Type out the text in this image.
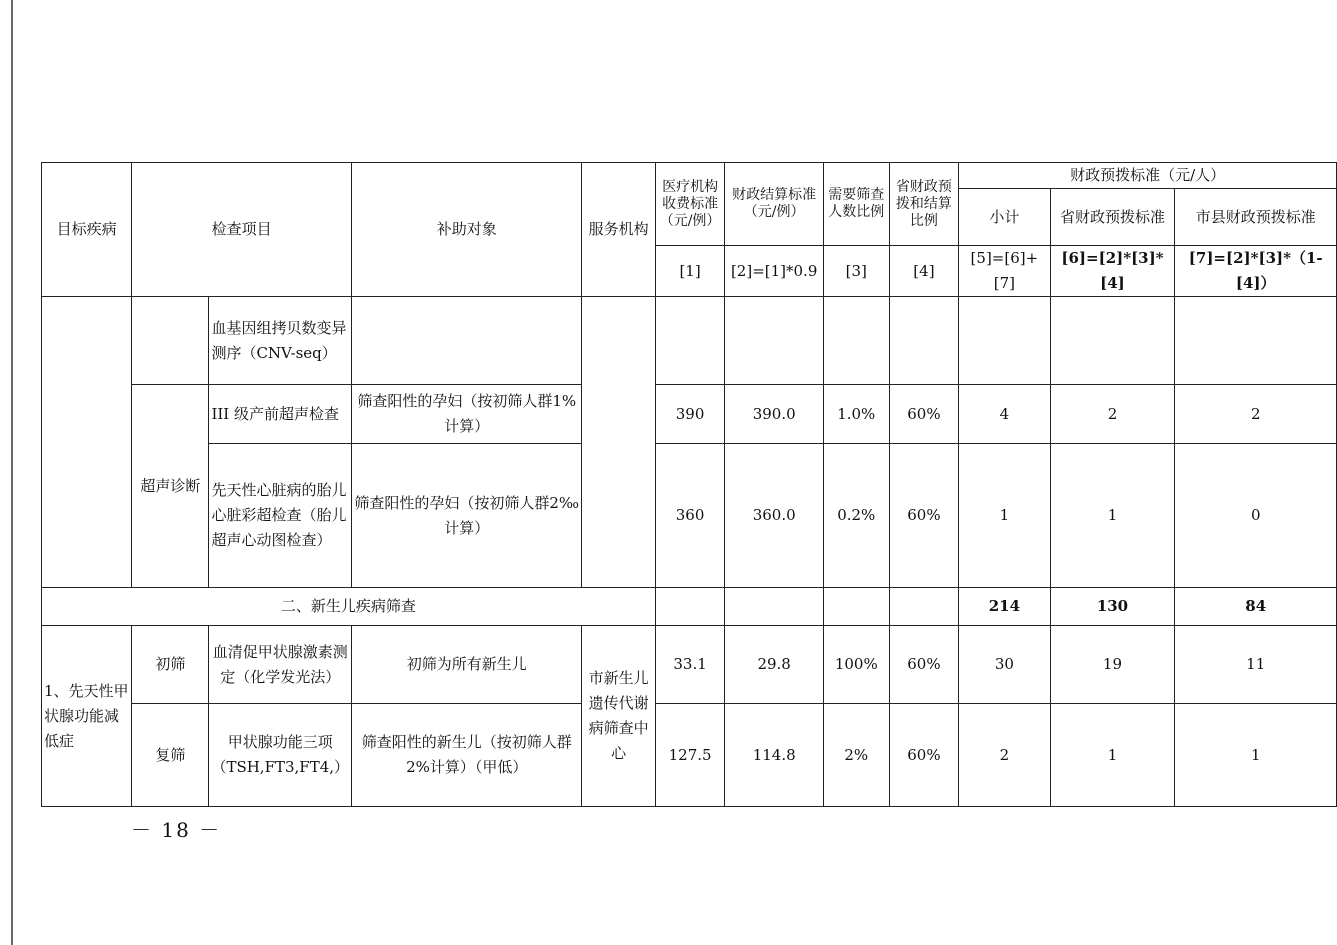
目标疾病	检查项目		补助对象	服务机构	医疗机构收费标准（元/例）	财政结算标准（元/例）	需要筛查人数比例	省财政预拨和结算比例	财政预拨标准（元/人）		
									小计	省财政预拨标准	市县财政预拨标准
					[1]	[2]=[1]*0.9	[3]	[4]	[5]=[6]+[7]	[6]=[2]*[3]*[4]	[7]=[2]*[3]*（1-[4]）
		血基因组拷贝数变异测序（CNV-seq）									
	超声诊断	III 级产前超声检查	筛查阳性的孕妇（按初筛人群1%计算）		390	390.0	1.0%	60%	4	2	2
		先天性心脏病的胎儿心脏彩超检查（胎儿超声心动图检查）	筛查阳性的孕妇（按初筛人群2‰计算）		360	360.0	0.2%	60%	1	1	0
二、新生儿疾病筛查									214	130	84
1、先天性甲状腺功能减低症	初筛	血清促甲状腺激素测定（化学发光法）	初筛为所有新生儿	市新生儿遗传代谢病筛查中心	33.1	29.8	100%	60%	30	19	11
	复筛	甲状腺功能三项（TSH,FT3,FT4,）	筛查阳性的新生儿（按初筛人群 2%计算）（甲低）		127.5	114.8	2%	60%	2	1	1
－ 18 －
